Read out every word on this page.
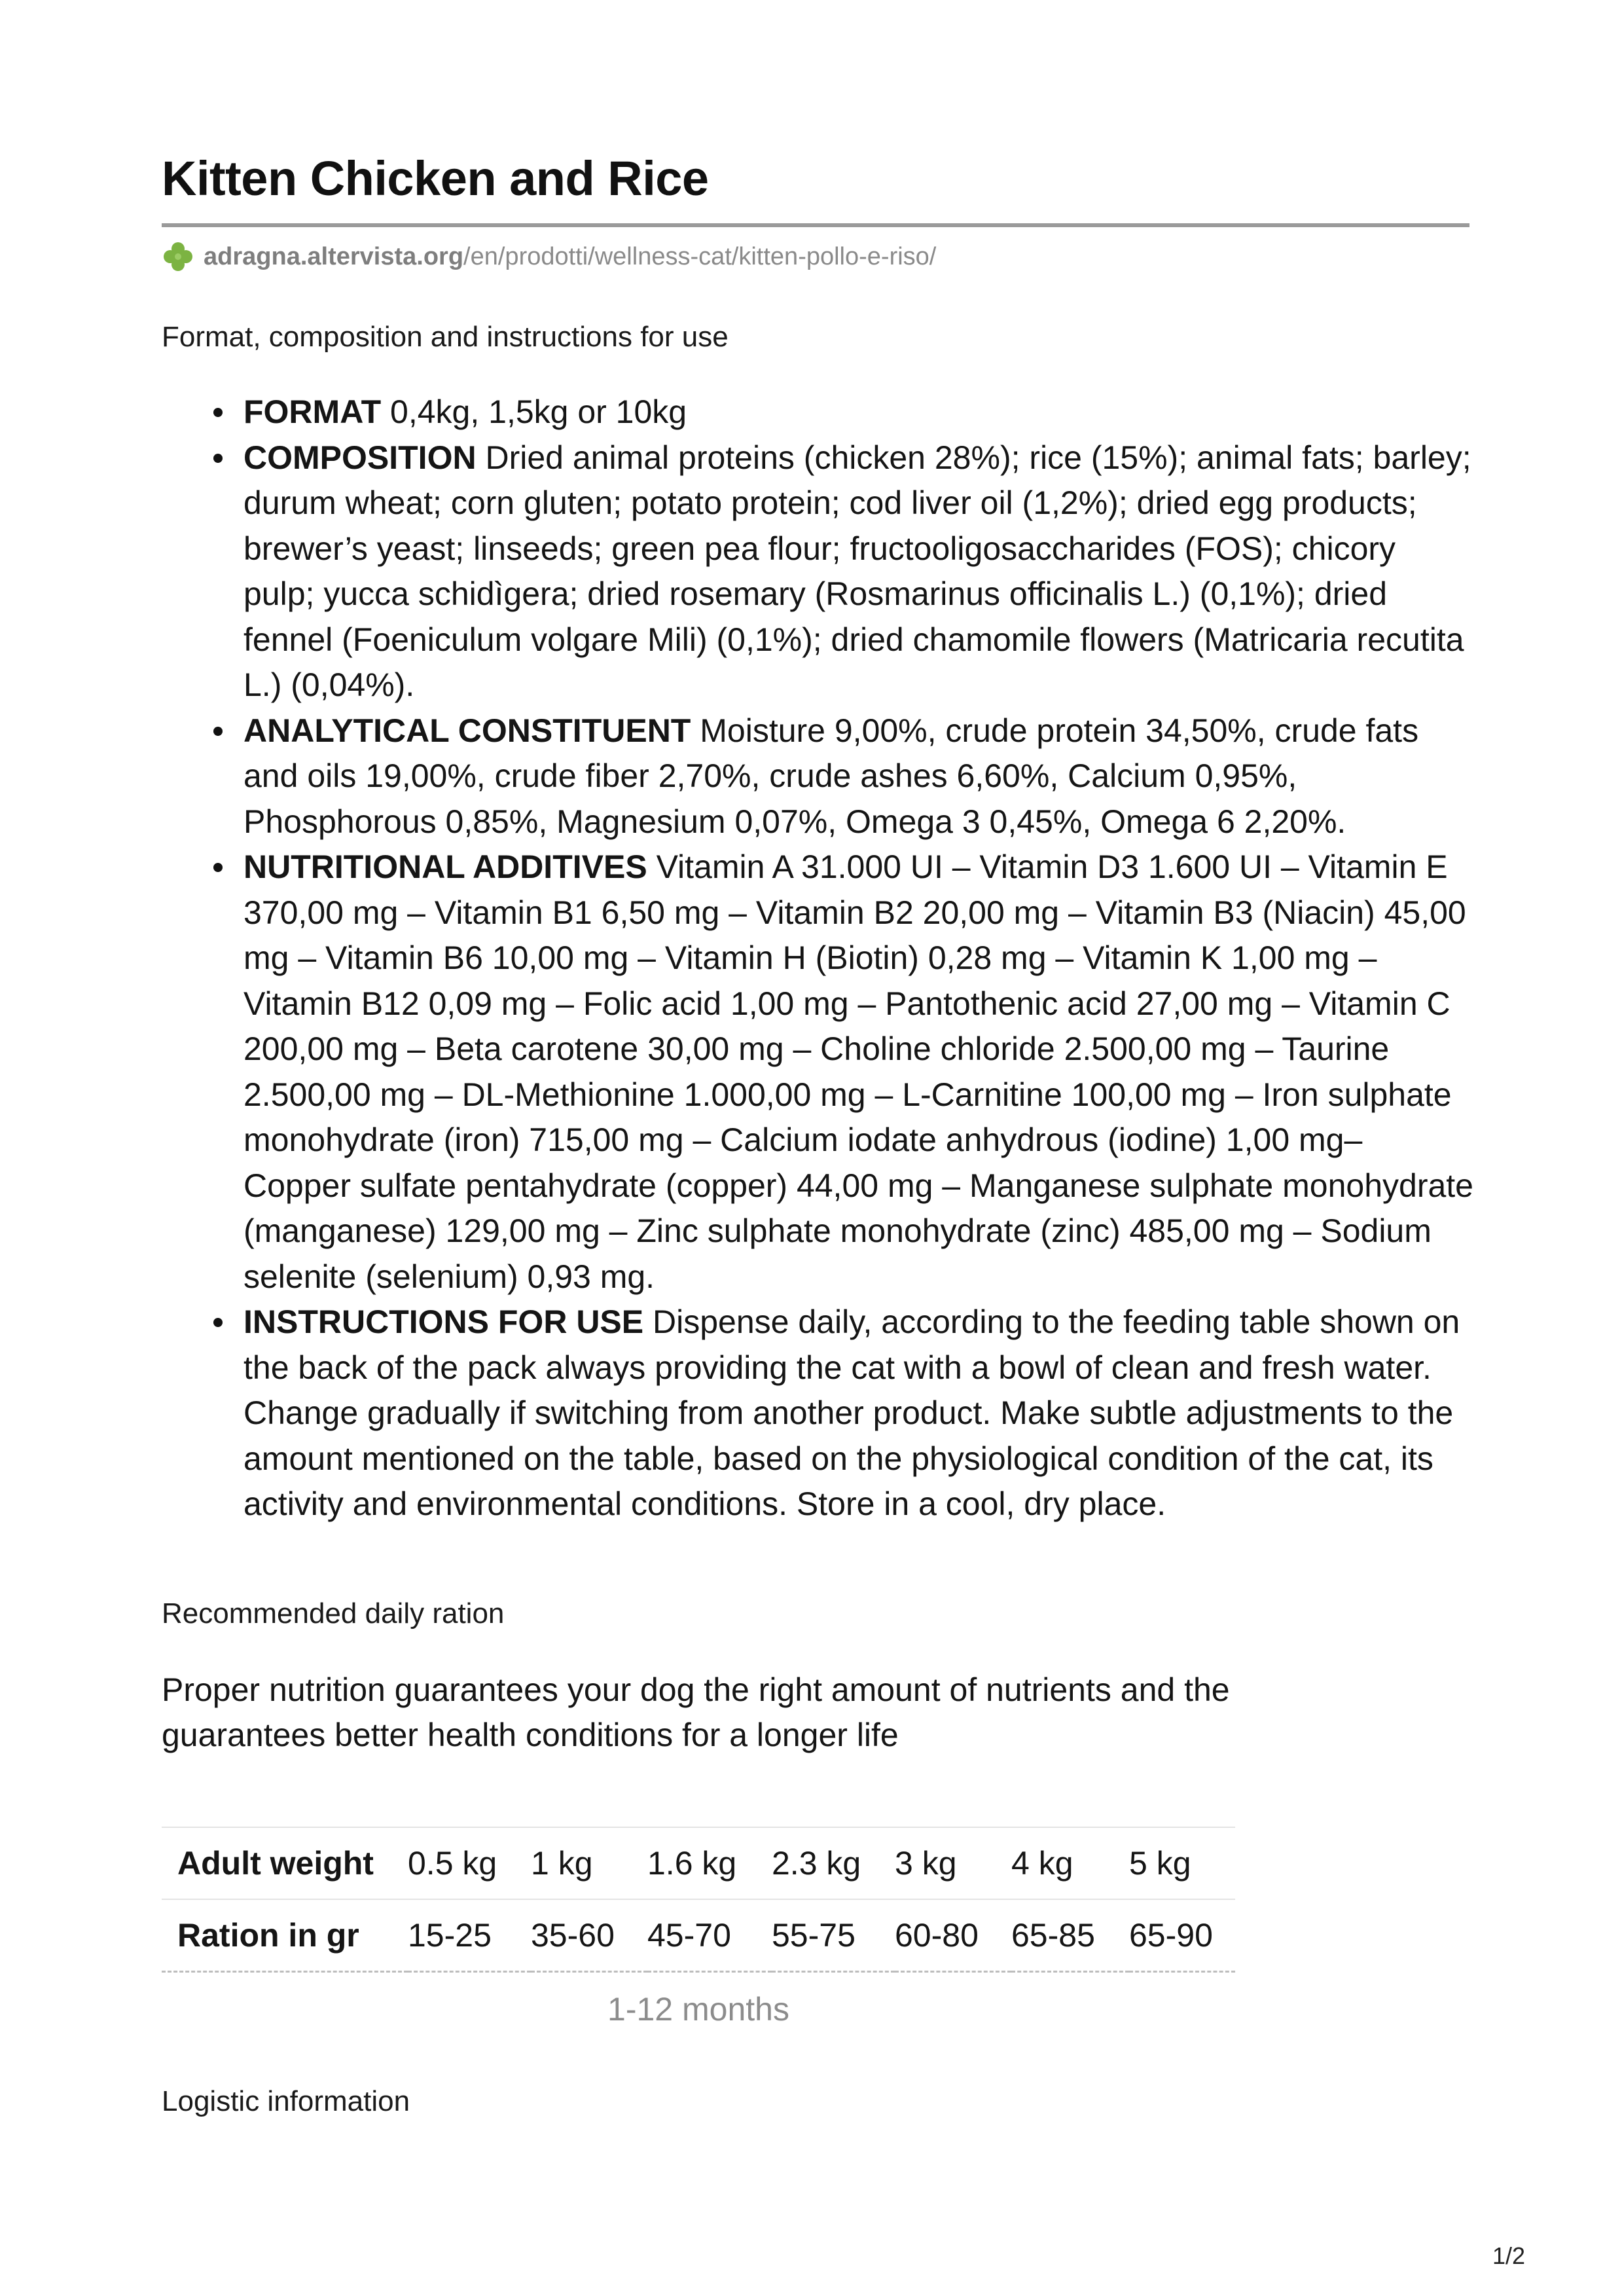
Kitten Chicken and Rice
adragna.altervista.org /en/prodotti/wellness-cat/kitten-pollo-e-riso/
Format, composition and instructions for use
FORMAT 0,4kg, 1,5kg or 10kg
COMPOSITION Dried animal proteins (chicken 28%); rice (15%); animal fats; barley; durum wheat; corn gluten; potato protein; cod liver oil (1,2%); dried egg products; brewer’s yeast; linseeds; green pea flour; fructooligosaccharides (FOS); chicory pulp; yucca schidìgera; dried rosemary (Rosmarinus officinalis L.) (0,1%); dried fennel (Foeniculum volgare Mili) (0,1%); dried chamomile flowers (Matricaria recutita L.) (0,04%).
ANALYTICAL CONSTITUENT Moisture 9,00%, crude protein 34,50%, crude fats and oils 19,00%, crude fiber 2,70%, crude ashes 6,60%, Calcium 0,95%, Phosphorous 0,85%, Magnesium 0,07%, Omega 3 0,45%, Omega 6 2,20%.
NUTRITIONAL ADDITIVES Vitamin A 31.000 UI – Vitamin D3 1.600 UI – Vitamin E 370,00 mg – Vitamin B1 6,50 mg – Vitamin B2 20,00 mg – Vitamin B3 (Niacin) 45,00 mg – Vitamin B6 10,00 mg – Vitamin H (Biotin) 0,28 mg – Vitamin K 1,00 mg – Vitamin B12 0,09 mg – Folic acid 1,00 mg – Pantothenic acid 27,00 mg – Vitamin C 200,00 mg – Beta carotene 30,00 mg – Choline chloride 2.500,00 mg – Taurine 2.500,00 mg – DL-Methionine 1.000,00 mg – L-Carnitine 100,00 mg – Iron sulphate monohydrate (iron) 715,00 mg – Calcium iodate anhydrous (iodine) 1,00 mg– Copper sulfate pentahydrate (copper) 44,00 mg – Manganese sulphate monohydrate (manganese) 129,00 mg – Zinc sulphate monohydrate (zinc) 485,00 mg – Sodium selenite (selenium) 0,93 mg.
INSTRUCTIONS FOR USE Dispense daily, according to the feeding table shown on the back of the pack always providing the cat with a bowl of clean and fresh water. Change gradually if switching from another product. Make subtle adjustments to the amount mentioned on the table, based on the physiological condition of the cat, its activity and environmental conditions. Store in a cool, dry place.
Recommended daily ration

Proper nutrition guarantees your dog the right amount of nutrients and the guarantees better health conditions for a longer life

Adult weight	0.5 kg	1 kg	1.6 kg	2.3 kg	3 kg	4 kg	5 kg
Ration in gr	15-25	35-60	45-70	55-75	60-80	65-85	65-90
1-12 months
Logistic information
1/2
